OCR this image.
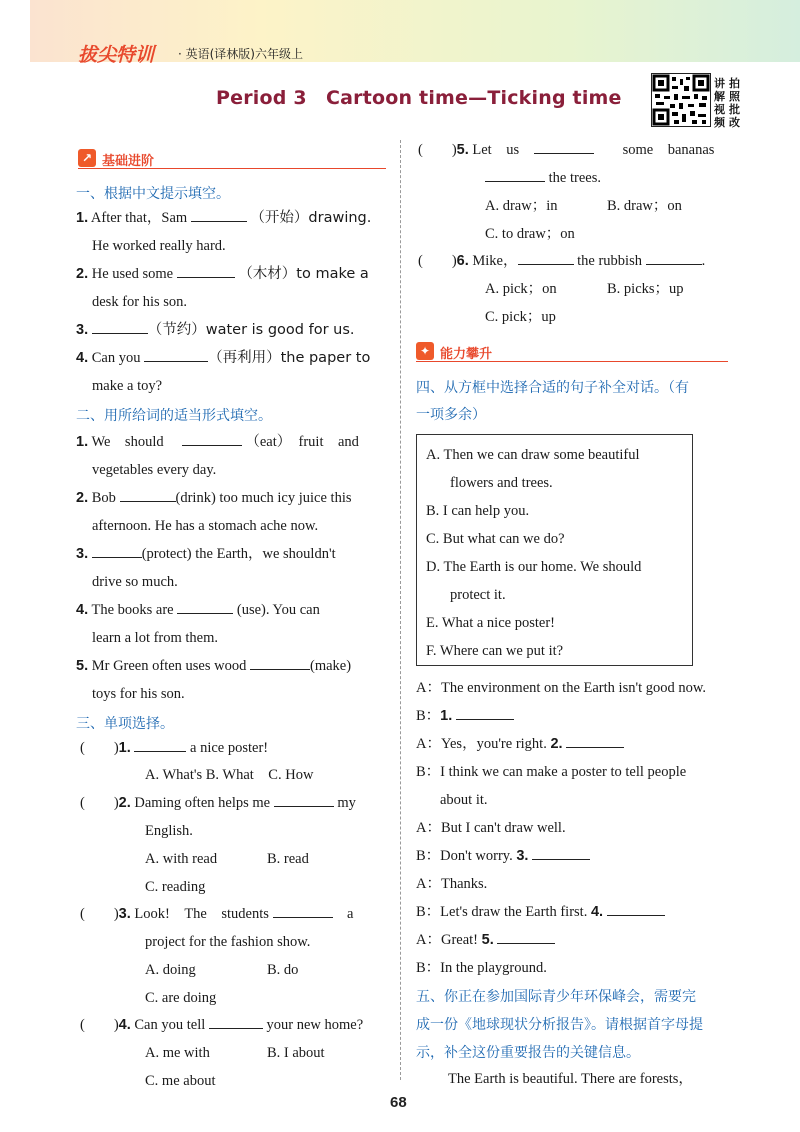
拔尖特训 · 英语(译林版)六年级上
Period 3　Cartoon time—Ticking time
讲
解
视
频
拍
照
批
改
↗ 基础进阶
一、根据中文提示填空。
1. After that，Sam	（开始）drawing.
He worked really hard.
2. He used some	（木材）to make a
desk for his son.
3.	（节约）water is good for us.
4. Can you	（再利用）the paper to
make a toy?
二、用所给词的适当形式填空。
1. We　should　	（eat）　fruit　and
vegetables every day.
2. Bob	(drink) too much icy juice this
afternoon. He has a stomach ache now.
3.	(protect) the Earth，we shouldn't
drive so much.
4. The books are	(use). You can
learn a lot from them.
5. Mr Green often uses wood	(make)
toys for his son.
三、单项选择。
(　　)1.	a nice poster!
A. What's B. What　C. How
(　　)2. Daming often helps me	my
English.
A. with read	B. read
C. reading
(　　)3. Look!　The　students 　	a
project for the fashion show.
A. doing	B. do
C. are doing
(　　)4. Can you tell	your new home?
A. me with	B. I about
C. me about
(　　)5. Let　us　　　	some　bananas
the trees.
A. draw；in	B. draw；on
C. to draw；on
(　　)6. Mike，	the rubbish	.
A. pick；on	B. picks；up
C. pick；up
✦ 能力攀升
四、从方框中选择合适的句子补全对话。（有
一项多余）
A. Then we can draw some beautiful
flowers and trees.
B. I can help you.
C. But what can we do?
D. The Earth is our home. We should
protect it.
E. What a nice poster!
F. Where can we put it?
A：The environment on the Earth isn't good now.
B：1.
A：Yes，you're right. 2.
B：I think we can make a poster to tell people
about it.
A：But I can't draw well.
B：Don't worry. 3.
A：Thanks.
B：Let's draw the Earth first. 4.
A：Great! 5.
B：In the playground.
五、你正在参加国际青少年环保峰会，需要完
成一份《地球现状分析报告》。请根据首字母提
示，补全这份重要报告的关键信息。
The Earth is beautiful. There are forests，
68
